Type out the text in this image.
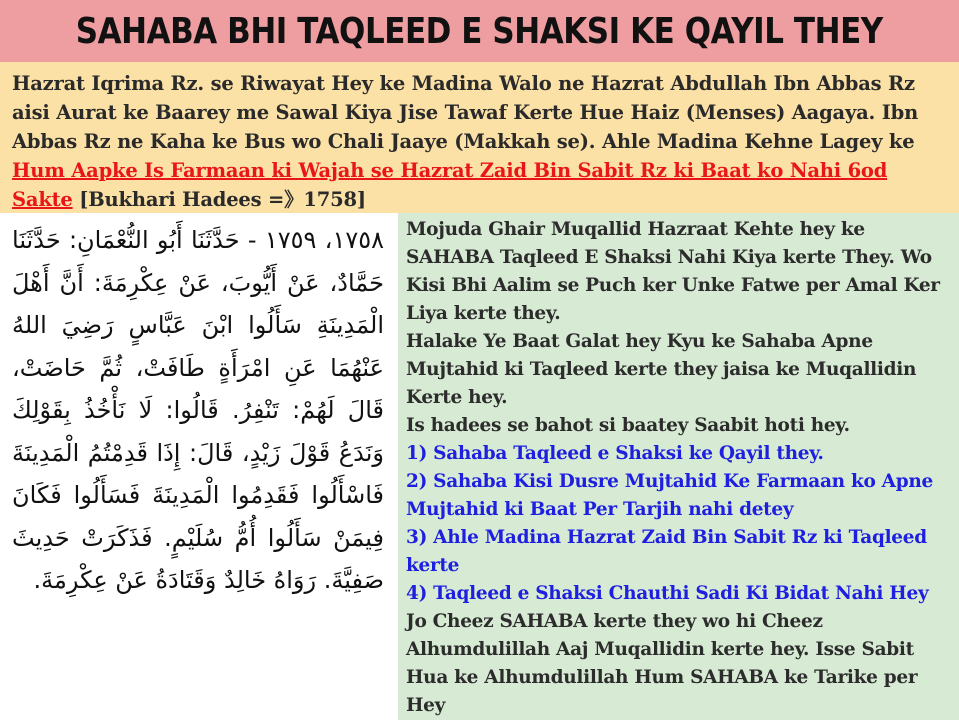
SAHABA BHI TAQLEED E SHAKSI KE QAYIL THEY
Hazrat Iqrima Rz. se Riwayat Hey ke Madina Walo ne Hazrat Abdullah Ibn Abbas Rz aisi Aurat ke Baarey me Sawal Kiya Jise Tawaf Kerte Hue Haiz (Menses) Aagaya. Ibn Abbas Rz ne Kaha ke Bus wo Chali Jaaye (Makkah se). Ahle Madina Kehne Lagey ke Hum Aapke Is Farmaan ki Wajah se Hazrat Zaid Bin Sabit Rz ki Baat ko Nahi 6od Sakte [Bukhari Hadees =》1758]
١٧٥٨، ١٧٥٩ - حَدَّثَنَا أَبُو النُّعْمَانِ: حَدَّثَنَا حَمَّادٌ، عَنْ أَيُّوبَ، عَنْ عِكْرِمَةَ: أَنَّ أَهْلَ الْمَدِينَةِ سَأَلُوا ابْنَ عَبَّاسٍ رَضِيَ اللهُ عَنْهُمَا عَنِ امْرَأَةٍ طَافَتْ، ثُمَّ حَاضَتْ، قَالَ لَهُمْ: تَنْفِرُ. قَالُوا: لَا نَأْخُذُ بِقَوْلِكَ وَنَدَعُ قَوْلَ زَيْدٍ، قَالَ: إِذَا قَدِمْتُمُ الْمَدِينَةَ فَاسْأَلُوا فَقَدِمُوا الْمَدِينَةَ فَسَأَلُوا فَكَانَ فِيمَنْ سَأَلُوا أُمُّ سُلَيْمٍ. فَذَكَرَتْ حَدِيثَ صَفِيَّةَ. رَوَاهُ خَالِدٌ وَقَتَادَةُ عَنْ عِكْرِمَةَ.

Mojuda Ghair Muqallid Hazraat Kehte hey ke SAHABA Taqleed E Shaksi Nahi Kiya kerte They. Wo Kisi Bhi Aalim se Puch ker Unke Fatwe per Amal Ker Liya kerte they.

Halake Ye Baat Galat hey Kyu ke Sahaba Apne Mujtahid ki Taqleed kerte they jaisa ke Muqallidin Kerte hey.

Is hadees se bahot si baatey Saabit hoti hey.

1) Sahaba Taqleed e Shaksi ke Qayil they.

2) Sahaba Kisi Dusre Mujtahid Ke Farmaan ko Apne Mujtahid ki Baat Per Tarjih nahi detey

3) Ahle Madina Hazrat Zaid Bin Sabit Rz ki Taqleed kerte

4) Taqleed e Shaksi Chauthi Sadi Ki Bidat Nahi Hey

Jo Cheez SAHABA kerte they wo hi Cheez Alhumdulillah Aaj Muqallidin kerte hey. Isse Sabit Hua ke Alhumdulillah Hum SAHABA ke Tarike per Hey
